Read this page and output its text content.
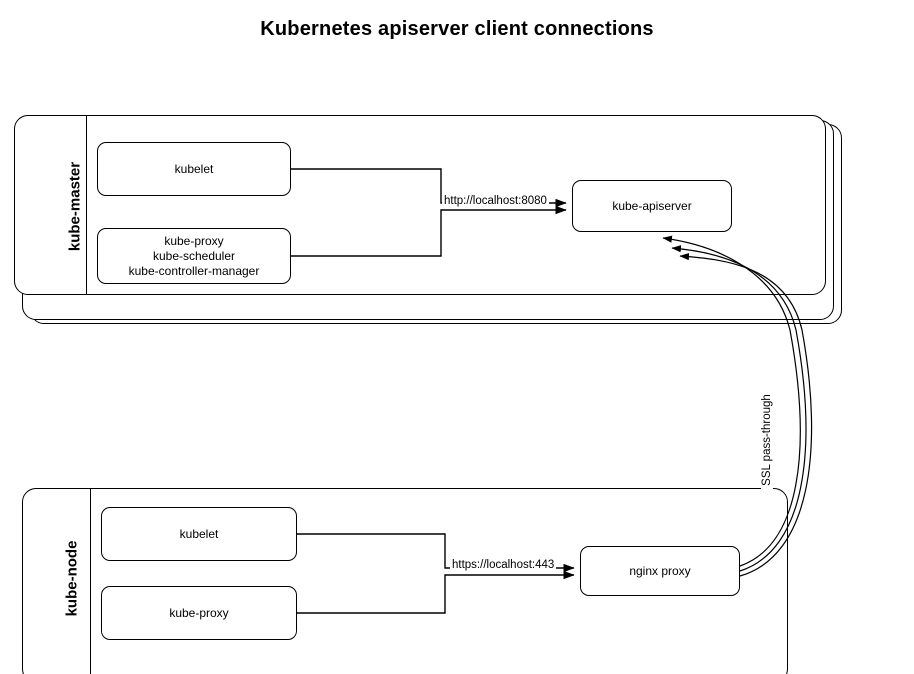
Kubernetes apiserver client connections
kube-master	kubelet
kube-proxy
kube-scheduler
kube-controller-manager
kube-apiserver
kube-node
kubelet
kube-proxy
nginx proxy
http://localhost:8080
https://localhost:443
SSL pass-through
